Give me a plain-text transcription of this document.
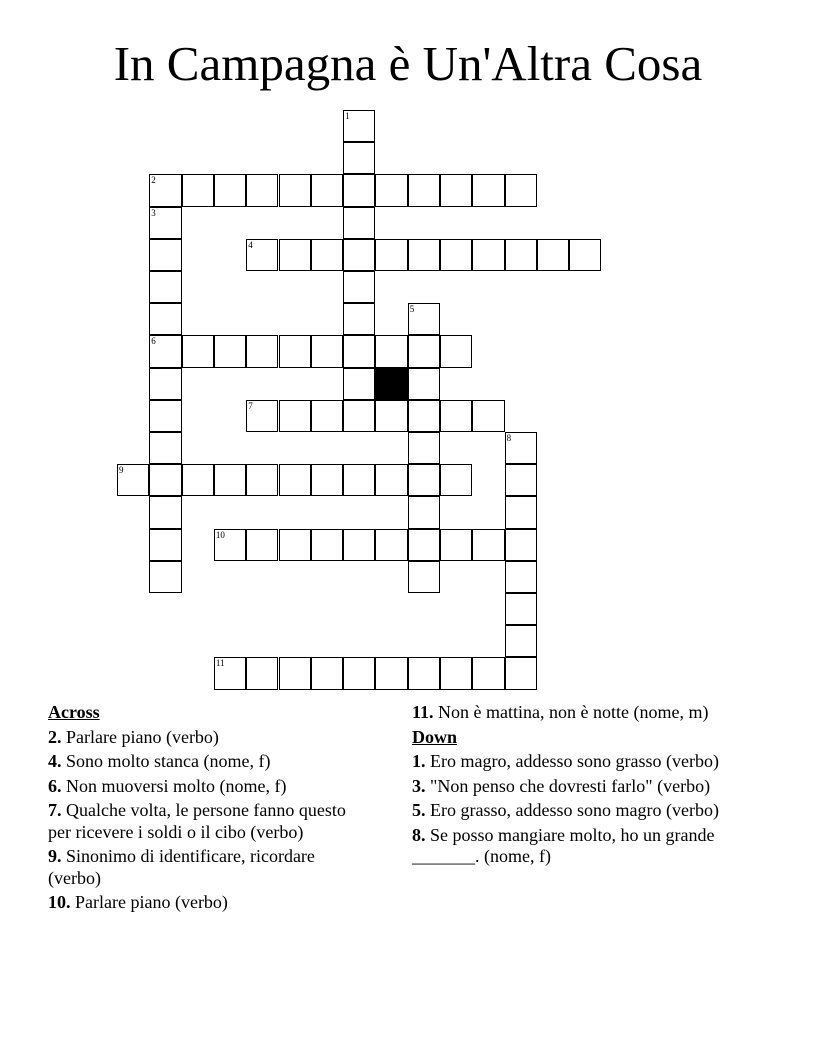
In Campagna è Un'Altra Cosa
1
2
3
4
5
6
7
8
9
10
11
Across
2. Parlare piano (verbo)
4. Sono molto stanca (nome, f)
6. Non muoversi molto (nome, f)
7. Qualche volta, le persone fanno questo per ricevere i soldi o il cibo (verbo)
9. Sinonimo di identificare, ricordare (verbo)
10. Parlare piano (verbo)
11. Non è mattina, non è notte (nome, m)
Down
1. Ero magro, addesso sono grasso (verbo)
3. "Non penso che dovresti farlo" (verbo)
5. Ero grasso, addesso sono magro (verbo)
8. Se posso mangiare molto, ho un grande _______. (nome, f)
